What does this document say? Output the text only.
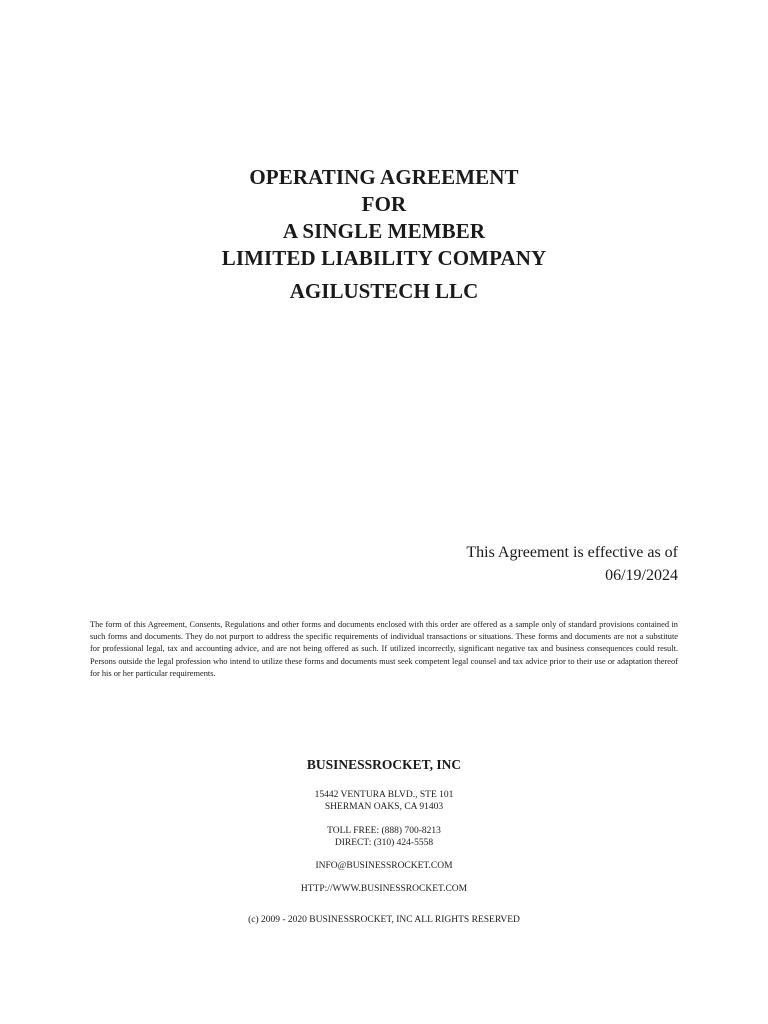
OPERATING AGREEMENT
FOR
A SINGLE MEMBER
LIMITED LIABILITY COMPANY
AGILUSTECH LLC
This Agreement is effective as of
06/19/2024
The form of this Agreement, Consents, Regulations and other forms and documents enclosed with this order are offered as a sample only of standard provisions contained in such forms and documents. They do not purport to address the specific requirements of individual transactions or situations. These forms and documents are not a substitute for professional legal, tax and accounting advice, and are not being offered as such. If utilized incorrectly, significant negative tax and business consequences could result. Persons outside the legal profession who intend to utilize these forms and documents must seek competent legal counsel and tax advice prior to their use or adaptation thereof for his or her particular requirements.
BUSINESSROCKET, INC
15442 VENTURA BLVD., STE 101
SHERMAN OAKS, CA 91403
TOLL FREE: (888) 700-8213
DIRECT: (310) 424-5558
INFO@BUSINESSROCKET.COM
HTTP://WWW.BUSINESSROCKET.COM
(c) 2009 - 2020 BUSINESSROCKET, INC ALL RIGHTS RESERVED
